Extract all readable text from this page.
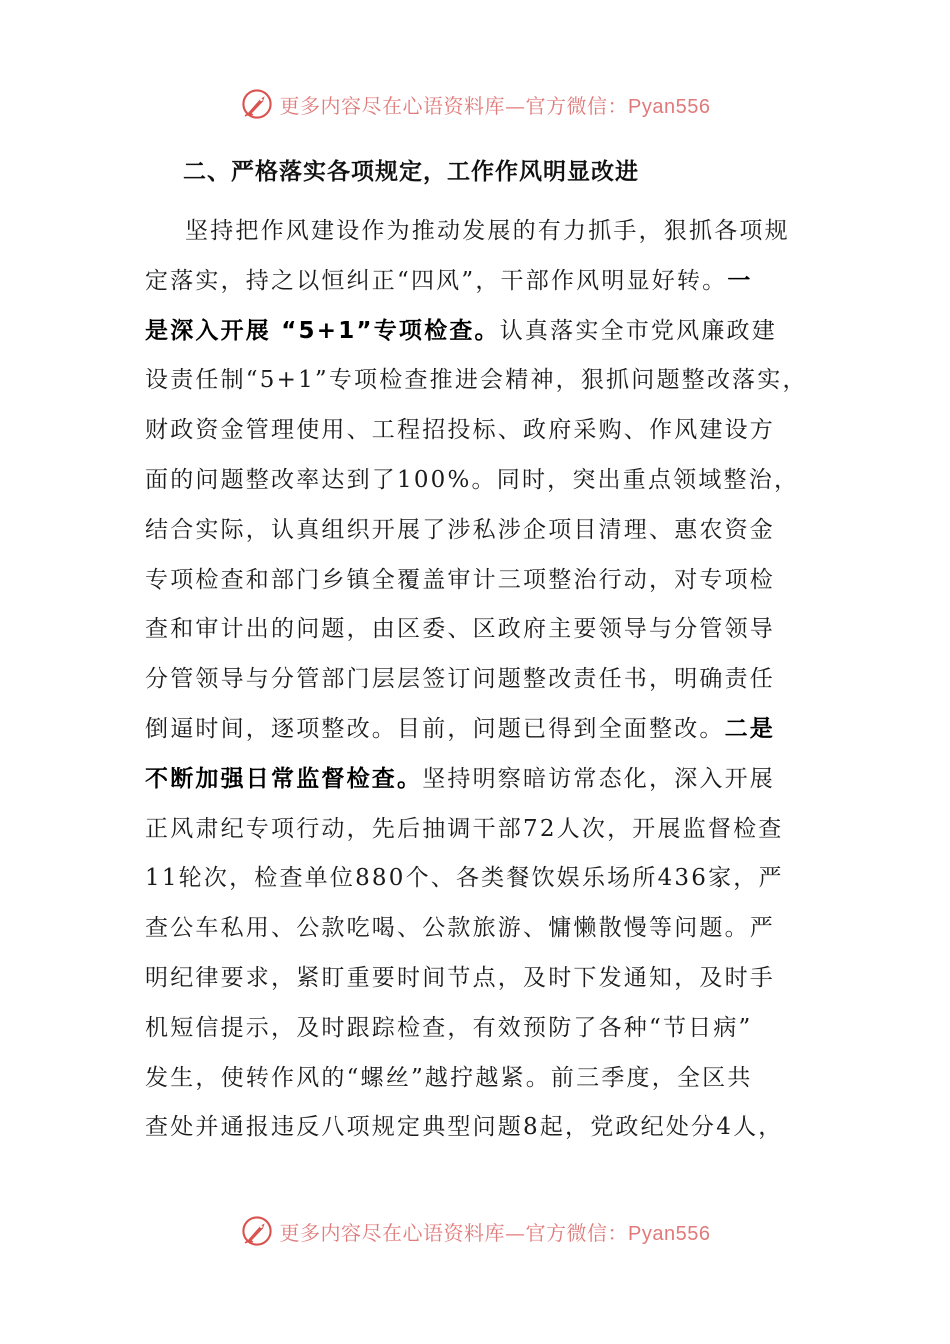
更多内容尽在心语资料库—官方微信：Pyan556
二、严格落实各项规定，工作作风明显改进
坚持把作风建设作为推动发展的有力抓手，狠抓各项规
定落实，持之以恒纠正“四风”，干部作风明显好转。一
是深入开展 “5+1”专项检查。认真落实全市党风廉政建
设责任制“5+1”专项检查推进会精神，狠抓问题整改落实，
财政资金管理使用、工程招投标、政府采购、作风建设方
面的问题整改率达到了100%。同时，突出重点领域整治，
结合实际，认真组织开展了涉私涉企项目清理、惠农资金
专项检查和部门乡镇全覆盖审计三项整治行动，对专项检
查和审计出的问题，由区委、区政府主要领导与分管领导
分管领导与分管部门层层签订问题整改责任书，明确责任
倒逼时间，逐项整改。目前，问题已得到全面整改。二是
不断加强日常监督检查。坚持明察暗访常态化，深入开展
正风肃纪专项行动，先后抽调干部72人次，开展监督检查
11轮次，检查单位880个、各类餐饮娱乐场所436家，严
查公车私用、公款吃喝、公款旅游、慵懒散慢等问题。严
明纪律要求，紧盯重要时间节点，及时下发通知，及时手
机短信提示，及时跟踪检查，有效预防了各种“节日病”
发生，使转作风的“螺丝”越拧越紧。前三季度，全区共
查处并通报违反八项规定典型问题8起，党政纪处分4人，
更多内容尽在心语资料库—官方微信：Pyan556
